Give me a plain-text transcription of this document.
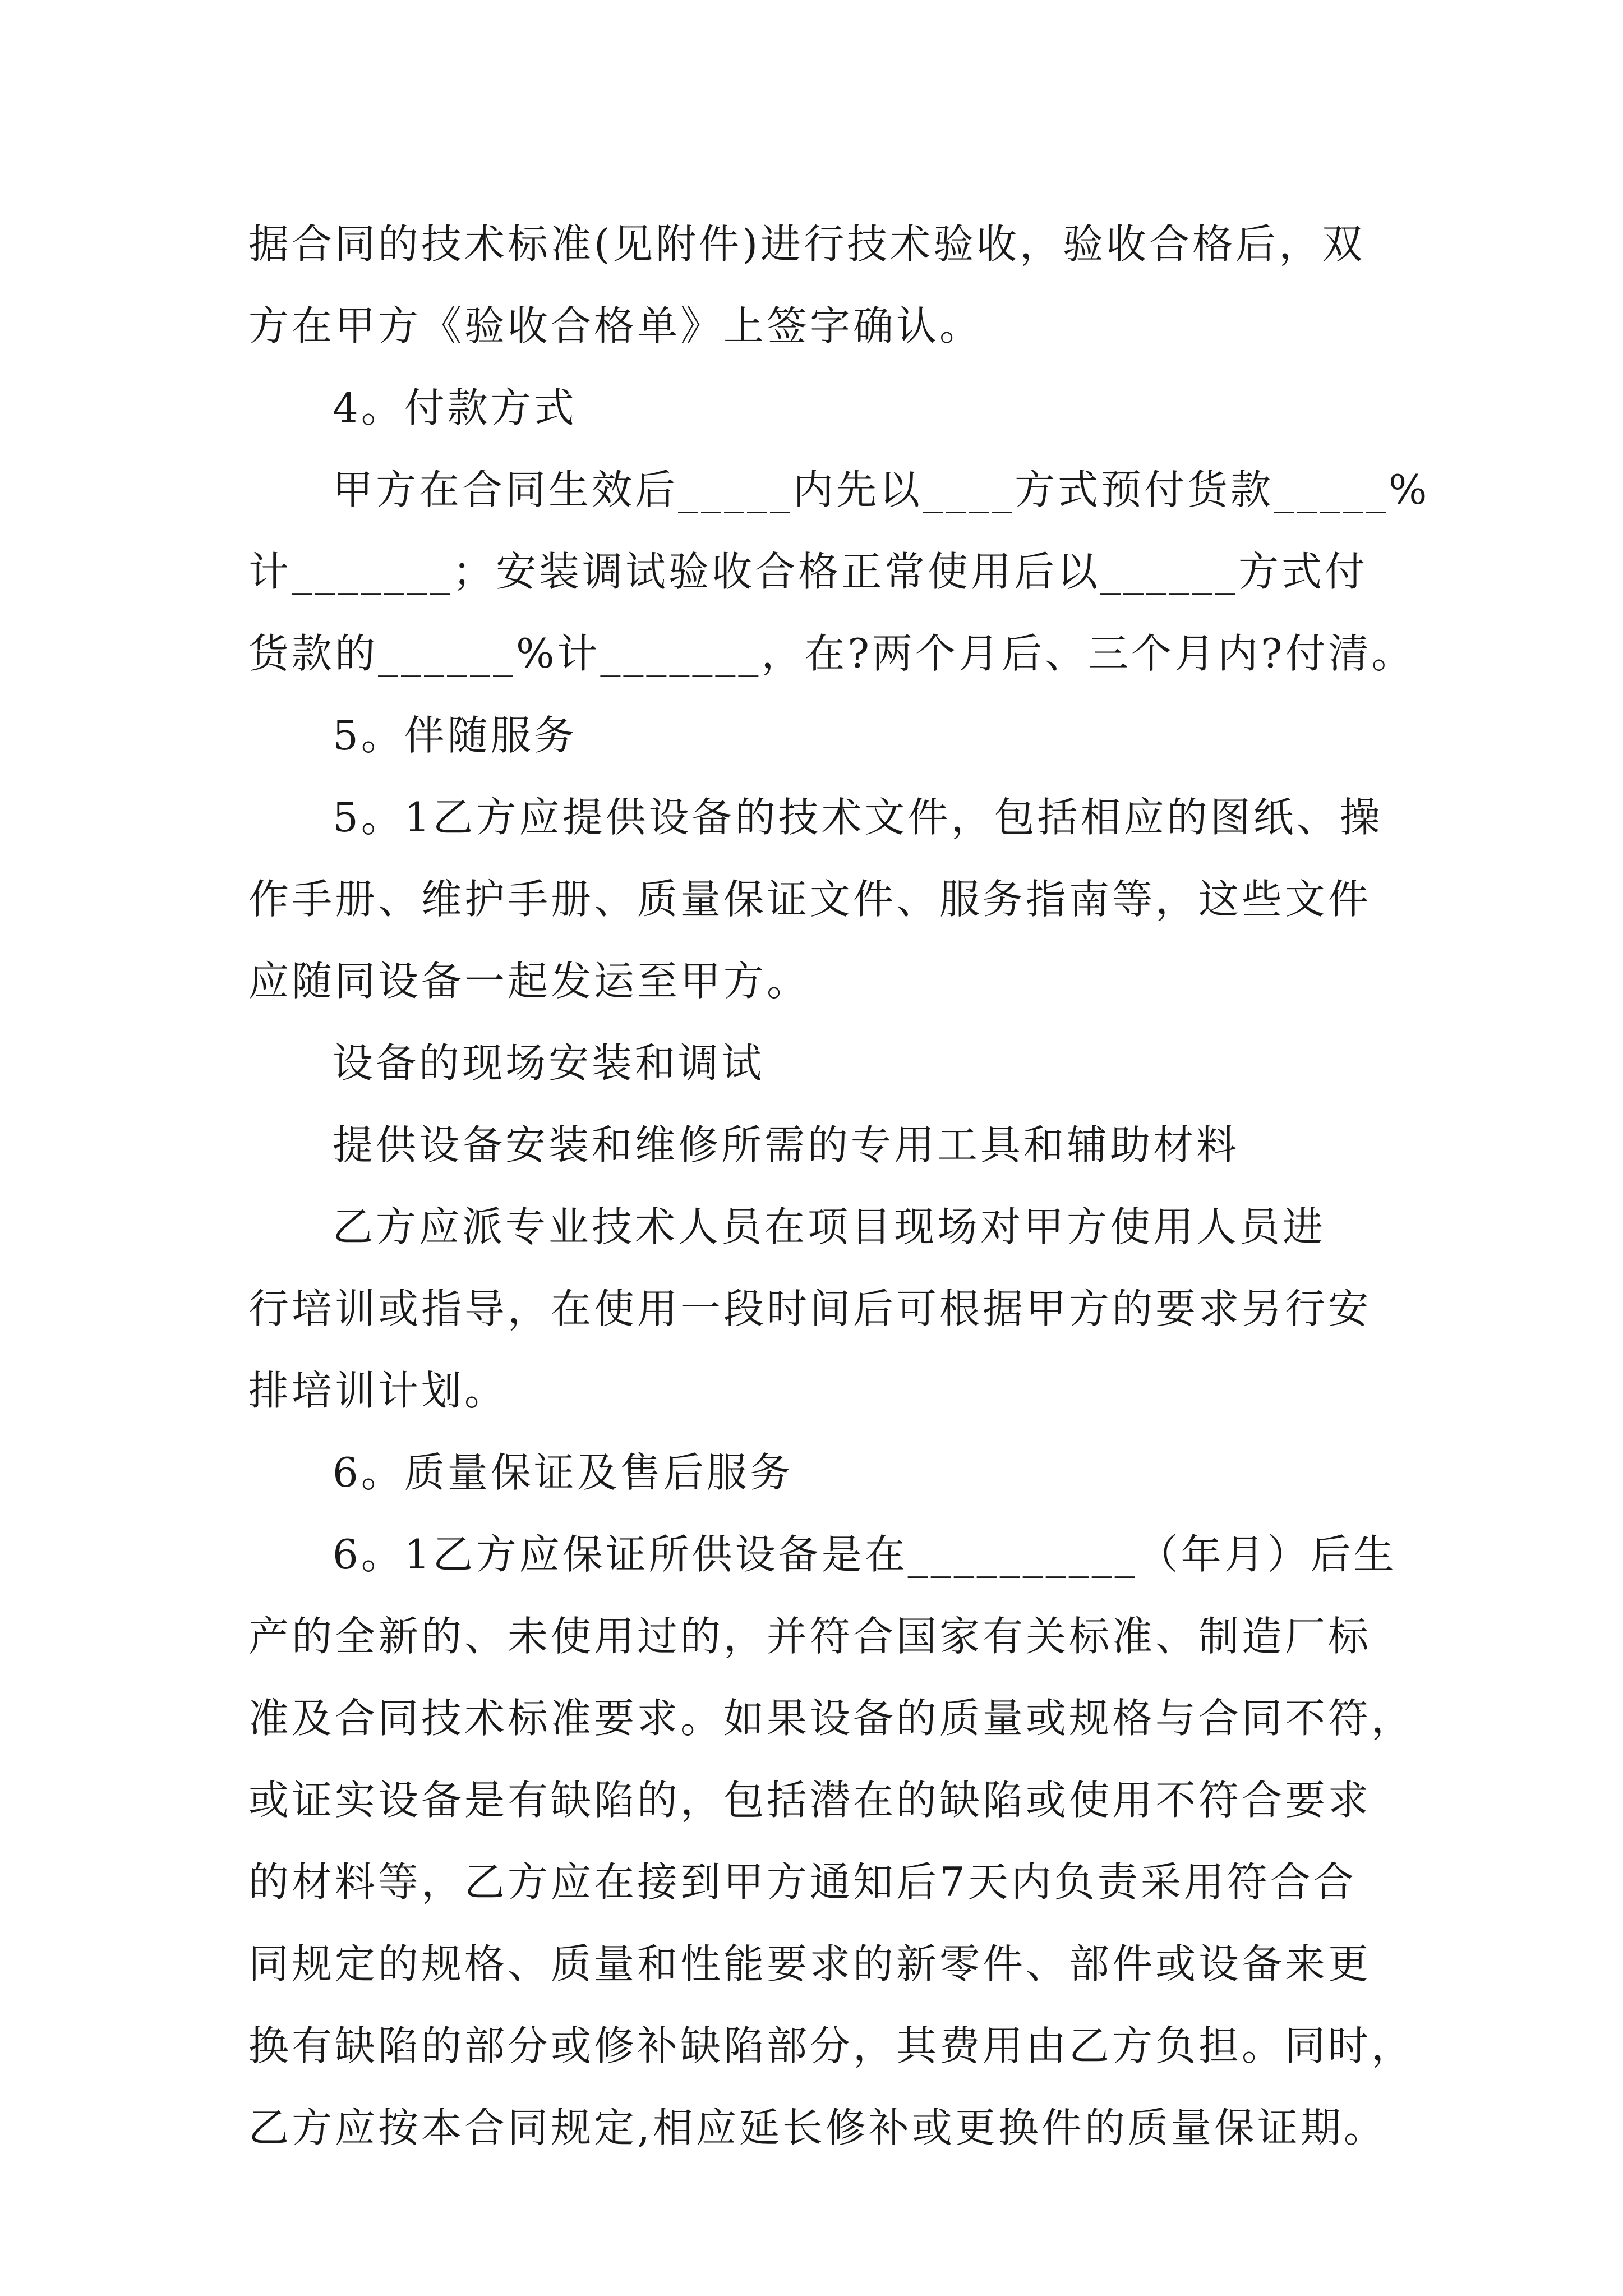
据合同的技术标准(见附件)进行技术验收，验收合格后，双
方在甲方《验收合格单》上签字确认。
4。付款方式
甲方在合同生效后_____内先以____方式预付货款_____%
计_______；安装调试验收合格正常使用后以______方式付
货款的______%计_______，在?两个月后、三个月内?付清。
5。伴随服务
5。1乙方应提供设备的技术文件，包括相应的图纸、操
作手册、维护手册、质量保证文件、服务指南等，这些文件
应随同设备一起发运至甲方。
设备的现场安装和调试
提供设备安装和维修所需的专用工具和辅助材料
乙方应派专业技术人员在项目现场对甲方使用人员进
行培训或指导，在使用一段时间后可根据甲方的要求另行安
排培训计划。
6。质量保证及售后服务
6。1乙方应保证所供设备是在__________（年月）后生
产的全新的、未使用过的，并符合国家有关标准、制造厂标
准及合同技术标准要求。如果设备的质量或规格与合同不符，
或证实设备是有缺陷的，包括潜在的缺陷或使用不符合要求
的材料等，乙方应在接到甲方通知后7天内负责采用符合合
同规定的规格、质量和性能要求的新零件、部件或设备来更
换有缺陷的部分或修补缺陷部分，其费用由乙方负担。同时，
乙方应按本合同规定,相应延长修补或更换件的质量保证期。
